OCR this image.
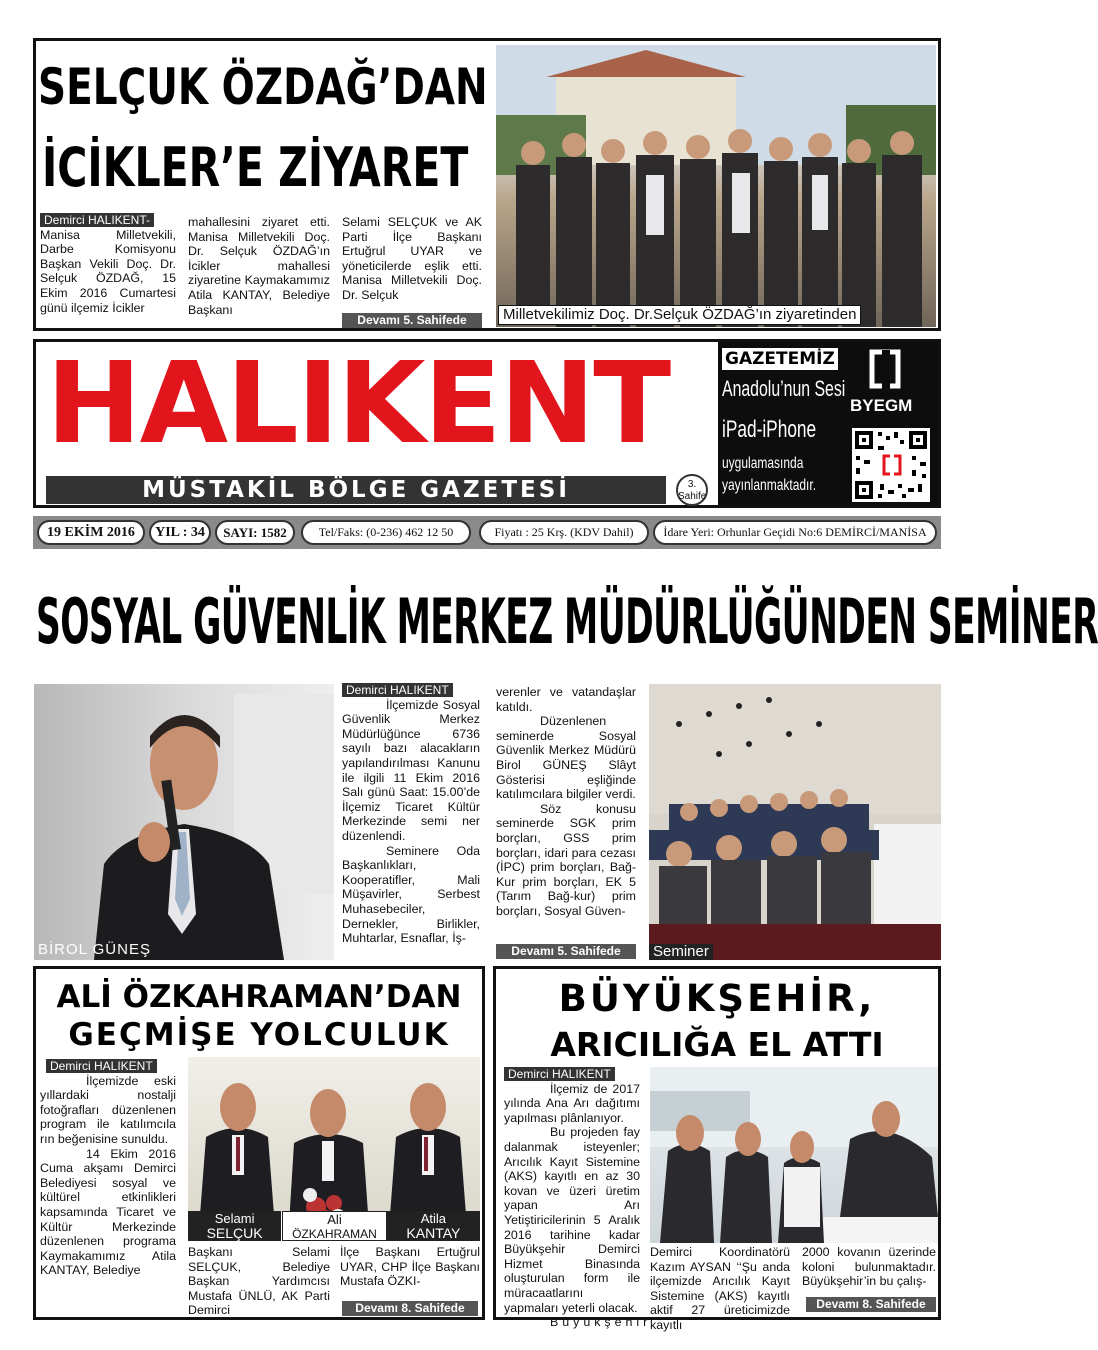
SELÇUK ÖZDAĞ’DAN
İCİKLER’E ZİYARET
Demirci HALIKENT- Manisa Milletvekili, Darbe Komisyonu Başkan Vekili Doç. Dr. Selçuk ÖZDAĞ, 15 Ekim 2016 Cumartesi günü ilçemiz İcikler
mahallesini ziyaret etti. Manisa Milletvekili Doç. Dr. Selçuk ÖZDAĞ’ın İcikler mahallesi ziyaretine Kaymakamımız Atila KANTAY, Belediye Başkanı
Selami SELÇUK ve AK Parti İlçe Başkanı Ertuğrul UYAR ve yöneticilerde eşlik etti. Manisa Milletvekili Doç. Dr. Selçuk
Devamı 5. Sahifede	Milletvekilimiz Doç. Dr.Selçuk ÖZDAĞ’ın ziyaretinden
HALIKENT
MÜSTAKİL BÖLGE GAZETESİ	3.
Sahife
GAZETEMİZ
Anadolu’nun Sesi
iPad-iPhone
uygulamasında
yayınlanmaktadır.
BYEGM
19 EKİM 2016	YIL : 34	SAYI: 1582	Tel/Faks: (0-236) 462 12 50	Fiyatı : 25 Krş. (KDV Dahil)	İdare Yeri: Orhunlar Geçidi No:6 DEMİRCİ/MANİSA
SOSYAL GÜVENLİK MERKEZ MÜDÜRLÜĞÜNDEN SEMİNER
BİROL GÜNEŞ
Demirci HALIKENT

İlçemizde Sosyal Güvenlik Merkez Müdürlüğünce 6736 sayılı bazı alacakların yapılandırılması Kanunu ile ilgili 11 Ekim 2016 Salı günü Saat: 15.00’de İlçemiz Ticaret Kültür Merkezinde semi ner düzenlendi.

Seminere Oda Başkanlıkları, Kooperatifler, Mali Müşavirler, Serbest Muhasebeciler, Dernekler, Birlikler, Muhtarlar, Esnaflar, İş-

verenler ve vatandaşlar katıldı.

Düzenlenen seminerde Sosyal Güvenlik Merkez Müdürü Birol GÜNEŞ Slâyt Gösterisi eşliğinde katılımcılara bilgiler verdi.

Söz konusu seminerde SGK prim borçları, GSS prim borçları, idari para cezası (İPC) prim borçları, Bağ-Kur prim borçları, EK 5 (Tarım Bağ-kur) prim borçları, Sosyal Güven-

Devamı 5. Sahifede	Seminer
ALİ ÖZKAHRAMAN’DAN
GEÇMİŞE YOLCULUK
Demirci HALIKENT

İlçemizde eski yıllardaki nostalji fotoğrafları düzenlenen program ile katılımcıla rın beğenisine sunuldu.

14 Ekim 2016 Cuma akşamı Demirci Belediyesi sosyal ve kültürel etkinlikleri kapsamında Ticaret ve Kültür Merkezinde düzenlenen programa Kaymakamımız Atila KANTAY, Belediye

Selami
SELÇUK
Ali
ÖZKAHRAMAN
Atila
KANTAY
Başkanı Selami SELÇUK, Belediye Başkan Yardımcısı Mustafa ÜNLÜ, AK Parti Demirci
İlçe Başkanı Ertuğrul UYAR, CHP İlçe Başkanı Mustafa ÖZKI-
Devamı 8. Sahifede
BÜYÜKŞEHİR,
ARICILIĞA EL ATTI
Demirci HALIKENT

İlçemiz de 2017 yılında Ana Arı dağıtımı yapılması plânlanıyor.

Bu projeden fay dalanmak isteyenler; Arıcılık Kayıt Sistemine (AKS) kayıtlı en az 30 kovan ve üzeri üretim yapan Arı Yetiştiricilerinin 5 Aralık 2016 tarihine kadar Büyükşehir Demirci Hizmet Binasında oluşturulan form ile müracaatlarını yapmaları yeterli olacak.

Büyükşehir

Demirci Koordinatörü Kazım AYSAN ‘‘Şu anda ilçemizde Arıcılık Kayıt Sistemine (AKS) kayıtlı aktif 27 üreticimizde kayıtlı
2000 kovanın üzerinde koloni bulunmaktadır. Büyükşehir’in bu çalış-
Devamı 8. Sahifede
